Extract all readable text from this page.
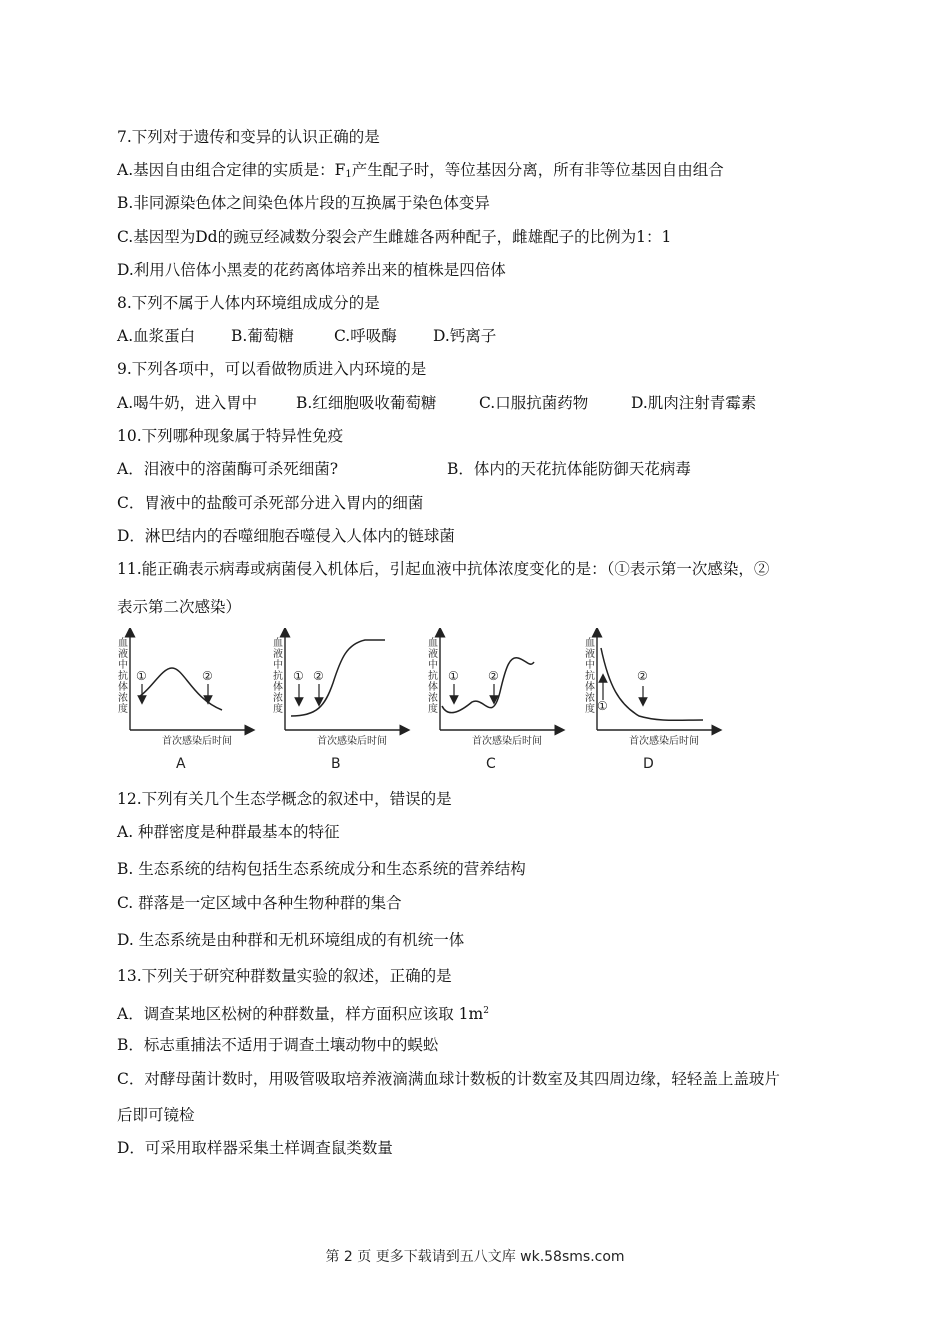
7.下列对于遗传和变异的认识正确的是
A.基因自由组合定律的实质是：$F_1$产生配子时，等位基因分离，所有非等位基因自由组合
B.非同源染色体之间染色体片段的互换属于染色体变异
C.基因型为Dd的豌豆经减数分裂会产生雌雄各两种配子，雌雄配子的比例为1：1
D.利用八倍体小黑麦的花药离体培养出来的植株是四倍体
8.下列不属于人体内环境组成成分的是
A.血浆蛋白 B.葡萄糖	C.呼吸酶 D.钙离子
9.下列各项中，可以看做物质进入内环境的是
A.喝牛奶，进入胃中	B.红细胞吸收葡萄糖	C.口服抗菌药物	D.肌肉注射青霉素
10.下列哪种现象属于特异性免疫
A．泪液中的溶菌酶可杀死细菌?	B．体内的天花抗体能防御天花病毒
C．胃液中的盐酸可杀死部分进入胃内的细菌
D．淋巴结内的吞噬细胞吞噬侵入人体内的链球菌
11.能正确表示病毒或病菌侵入机体后，引起血液中抗体浓度变化的是：（①表示第一次感染，②
表示第二次感染）
血
液
中
抗
体
浓
度
①	②
首次感染后时间
A
血
液
中
抗
体
浓
度
① ②
首次感染后时间
B
血
液
中
抗
体
浓
度
① ②
首次感染后时间
C
血
液
中
抗
体
浓
度 ①
②
首次感染后时间
D
12.下列有关几个生态学概念的叙述中，错误的是
A. 种群密度是种群最基本的特征
B. 生态系统的结构包括生态系统成分和生态系统的营养结构
C. 群落是一定区域中各种生物种群的集合
D. 生态系统是由种群和无机环境组成的有机统一体
13.下列关于研究种群数量实验的叙述，正确的是
A．调查某地区松树的种群数量，样方面积应该取 $1m^2$
B．标志重捕法不适用于调查土壤动物中的蜈蚣
C．对酵母菌计数时，用吸管吸取培养液滴满血球计数板的计数室及其四周边缘，轻轻盖上盖玻片
后即可镜检
D．可采用取样器采集土样调查鼠类数量
第 2 页 更多下载请到五八文库 wk.58sms.com
